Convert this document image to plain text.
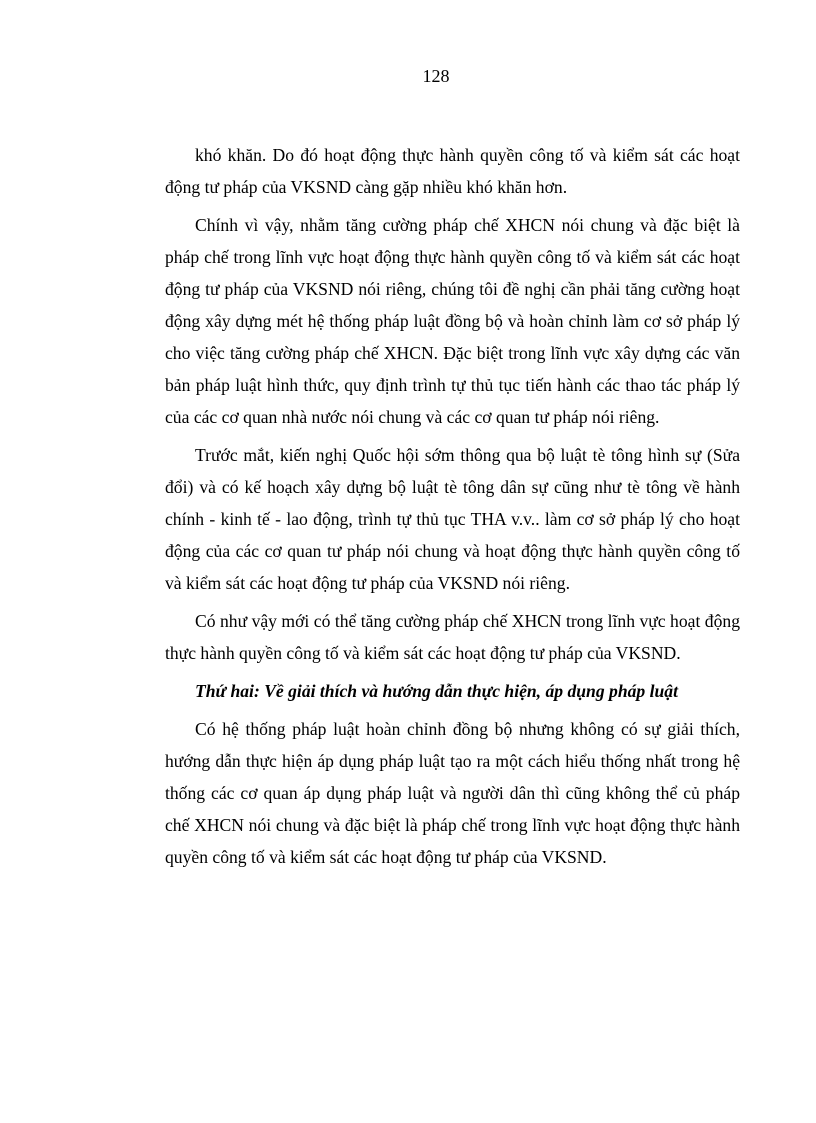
128

khó khăn. Do đó hoạt động thực hành quyền công tố và kiểm sát các hoạt động tư pháp của VKSND càng gặp nhiều khó khăn hơn.

Chính vì vậy, nhằm tăng cường pháp chế XHCN nói chung và đặc biệt là pháp chế trong lĩnh vực hoạt động thực hành quyền công tố và kiểm sát các hoạt động tư pháp của VKSND nói riêng, chúng tôi đề nghị cần phải tăng cường hoạt động xây dựng mét hệ thống pháp luật đồng bộ và hoàn chỉnh làm cơ sở pháp lý cho việc tăng cường pháp chế XHCN. Đặc biệt trong lĩnh vực xây dựng các văn bản pháp luật hình thức, quy định trình tự thủ tục tiến hành các thao tác pháp lý của các cơ quan nhà nước nói chung và các cơ quan tư pháp nói riêng.

Trước mắt, kiến nghị Quốc hội sớm thông qua bộ luật tè tông hình sự (Sửa đổi) và có kế hoạch xây dựng bộ luật tè tông dân sự cũng như tè tông về hành chính - kinh tế - lao động, trình tự thủ tục THA v.v.. làm cơ sở pháp lý cho hoạt động của các cơ quan tư pháp nói chung và hoạt động thực hành quyền công tố và kiểm sát các hoạt động tư pháp của VKSND nói riêng.

Có như vậy mới có thể tăng cường pháp chế XHCN trong lĩnh vực hoạt động thực hành quyền công tố và kiểm sát các hoạt động tư pháp của VKSND.

Thứ hai: Về giải thích và hướng dẫn thực hiện, áp dụng pháp luật

Có hệ thống pháp luật hoàn chỉnh đồng bộ nhưng không có sự giải thích, hướng dẫn thực hiện áp dụng pháp luật tạo ra một cách hiểu thống nhất trong hệ thống các cơ quan áp dụng pháp luật và người dân thì cũng không thể củ pháp chế XHCN nói chung và đặc biệt là pháp chế trong lĩnh vực hoạt động thực hành quyền công tố và kiểm sát các hoạt động tư pháp của VKSND.
